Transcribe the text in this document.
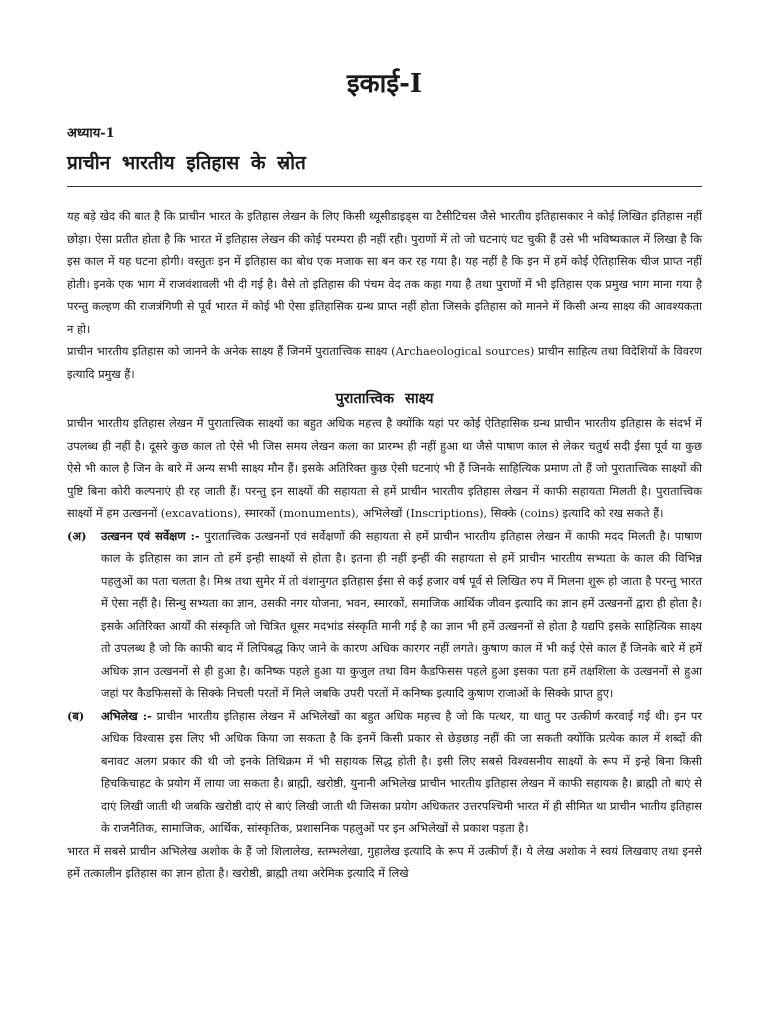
इकाई-I
अध्याय-1
प्राचीन भारतीय इतिहास के स्रोत

यह बड़े खेद की बात है कि प्राचीन भारत के इतिहास लेखन के लिए किसी थ्यूसीडाइड्स या टैसीटिचस जैसे भारतीय इतिहासकार ने कोई लिखित इतिहास नहीं छोड़ा। ऐसा प्रतीत होता है कि भारत में इतिहास लेखन की कोई परम्परा ही नहीं रही। पुराणों में तो जो घटनाएं घट चुकी हैं उसे भी भविष्यकाल में लिखा है कि इस काल में यह घटना होगी। वस्तुतः इन में इतिहास का बोध एक मजाक सा बन कर रह गया है। यह नहीं है कि इन में हमें कोई ऐतिहासिक चीज प्राप्त नहीं होती। इनके एक भाग में राजवंशावली भी दी गई है। वैसे तो इतिहास की पंचम वेद तक कहा गया है तथा पुराणों में भी इतिहास एक प्रमुख भाग माना गया है परन्तु कल्हण की राजत्रंगिणी से पूर्व भारत में कोई भी ऐसा इतिहासिक ग्रन्थ प्राप्त नहीं होता जिसके इतिहास को मानने में किसी अन्य साक्ष्य की आवश्यकता न हो।

प्राचीन भारतीय इतिहास को जानने के अनेक साक्ष्य हैं जिनमें पुरातात्त्विक साक्ष्य (Archaeological sources) प्राचीन साहित्य तथा विदेशियों के विवरण इत्यादि प्रमुख हैं।

पुरातात्त्विक साक्ष्य

प्राचीन भारतीय इतिहास लेखन में पुरातात्त्विक साक्ष्यों का बहुत अधिक महत्त्व है क्योंकि यहां पर कोई ऐतिहासिक ग्रन्थ प्राचीन भारतीय इतिहास के संदर्भ में उपलब्ध ही नहीं है। दूसरे कुछ काल तो ऐसे भी जिस समय लेखन कला का प्रारम्भ ही नहीं हुआ था जैसे पाषाण काल से लेकर चतुर्थ सदी ईसा पूर्व या कुछ ऐसे भी काल है जिन के बारे में अन्य सभी साक्ष्य मौन हैं। इसके अतिरिक्त कुछ ऐसी घटनाएं भी हैं जिनके साहित्यिक प्रमाण तो हैं जो पुरातात्त्विक साक्ष्यों की पुष्टि बिना कोरी कल्पनाएं ही रह जाती हैं। परन्तु इन साक्ष्यों की सहायता से हमें प्राचीन भारतीय इतिहास लेखन में काफी सहायता मिलती है। पुरातात्त्विक साक्ष्यों में हम उत्खननों (excavations), स्मारकों (monuments), अभिलेखों (Inscriptions), सिक्के (coins) इत्यादि को रख सकते हैं।

(अ)	उत्खनन एवं सर्वेक्षण :- पुरातात्त्विक उत्खननों एवं सर्वेक्षणों की सहायता से हमें प्राचीन भारतीय इतिहास लेखन में काफी मदद मिलती है। पाषाण काल के इतिहास का ज्ञान तो हमें इन्ही साक्ष्यों से होता है। इतना ही नहीं इन्हीं की सहायता से हमें प्राचीन भारतीय सभ्यता के काल की विभिन्न पहलुओं का पता चलता है। मिश्र तथा सुमेर में तो वंशानुगत इतिहास ईसा से कई हजार वर्ष पूर्व से लिखित रुप में मिलना शुरू हो जाता है परन्तु भारत में ऐसा नहीं है। सिन्धु सभ्यता का ज्ञान, उसकी नगर योजना, भवन, स्मारकों, समाजिक आर्थिक जीवन इत्यादि का ज्ञान हमें उत्खननों द्वारा ही होता है। इसके अतिरिक्त आर्यों की संस्कृति जो चित्रित धूसर मदभांड संस्कृति मानी गई है का ज्ञान भी हमें उत्खननों से होता है यद्यपि इसके साहित्यिक साक्ष्य तो उपलब्ध है जो कि काफी बाद में लिपिबद्ध किए जाने के कारण अधिक कारगर नहीं लगते। कुषाण काल में भी कई ऐसे काल हैं जिनके बारे में हमें अधिक ज्ञान उत्खननों से ही हुआ है। कनिष्क पहले हुआ या कुजुल तथा विम कैडफिसस पहले हुआ इसका पता हमें तक्षशिला के उत्खननों से हुआ जहां पर कैडफिससों के सिक्के निचली परतों में मिले जबकि उपरी परतों में कनिष्क इत्यादि कुषाण राजाओं के सिक्के प्राप्त हुए।
(ब)	अभिलेख :- प्राचीन भारतीय इतिहास लेखन में अभिलेखों का बहुत अधिक महत्त्व है जो कि पत्थर, या धातु पर उत्कीर्ण करवाई गई थी। इन पर अधिक विश्वास इस लिए भी अधिक किया जा सकता है कि इनमें किसी प्रकार से छेड़छाड़ नहीं की जा सकती क्योंकि प्रत्येक काल में शब्दों की बनावट अलग प्रकार की थी जो इनके तिथिक्रम में भी सहायक सिद्ध होती है। इसी लिए सबसे विश्वसनीय साक्ष्यों के रूप में इन्हे बिना किसी हिचकिचाहट के प्रयोग में लाया जा सकता है। ब्राह्मी, खरोष्ठी, युनानी अभिलेख प्राचीन भारतीय इतिहास लेखन में काफी सहायक है। ब्राह्मी तो बाएं से दाएं लिखी जाती थी जबकि खरोष्ठी दाएं से बाएं लिखी जाती थी जिसका प्रयोग अधिकतर उत्तरपश्चिमी भारत में ही सीमित था प्राचीन भातीय इतिहास के राजनैतिक, सामाजिक, आर्थिक, सांस्कृतिक, प्रशासनिक पहलुओं पर इन अभिलेखों से प्रकाश पड़ता है।

भारत में सबसे प्राचीन अभिलेख अशोक के हैं जो शिलालेख, स्तम्भलेखा, गुहालेख इत्यादि के रूप में उत्कीर्ण हैं। ये लेख अशोक ने स्वयं लिखवाए तथा इनसे हमें तत्कालीन इतिहास का ज्ञान होता है। खरोष्ठी, ब्राह्मी तथा अरेमिक इत्यादि में लिखे
